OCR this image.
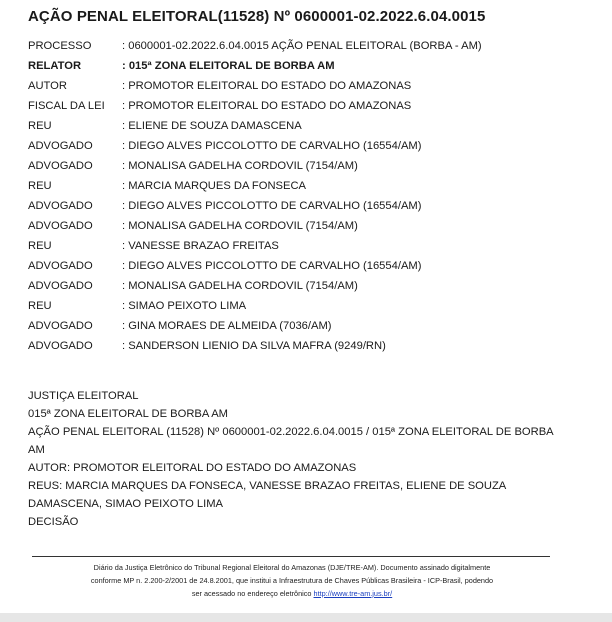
AÇÃO PENAL ELEITORAL(11528) Nº 0600001-02.2022.6.04.0015
PROCESSO	: 0600001-02.2022.6.04.0015 AÇÃO PENAL ELEITORAL (BORBA - AM)
RELATOR	: 015ª ZONA ELEITORAL DE BORBA AM
AUTOR	: PROMOTOR ELEITORAL DO ESTADO DO AMAZONAS
FISCAL DA LEI	: PROMOTOR ELEITORAL DO ESTADO DO AMAZONAS
REU	: ELIENE DE SOUZA DAMASCENA
ADVOGADO	: DIEGO ALVES PICCOLOTTO DE CARVALHO (16554/AM)
ADVOGADO	: MONALISA GADELHA CORDOVIL (7154/AM)
REU	: MARCIA MARQUES DA FONSECA
ADVOGADO	: DIEGO ALVES PICCOLOTTO DE CARVALHO (16554/AM)
ADVOGADO	: MONALISA GADELHA CORDOVIL (7154/AM)
REU	: VANESSE BRAZAO FREITAS
ADVOGADO	: DIEGO ALVES PICCOLOTTO DE CARVALHO (16554/AM)
ADVOGADO	: MONALISA GADELHA CORDOVIL (7154/AM)
REU	: SIMAO PEIXOTO LIMA
ADVOGADO	: GINA MORAES DE ALMEIDA (7036/AM)
ADVOGADO	: SANDERSON LIENIO DA SILVA MAFRA (9249/RN)
JUSTIÇA ELEITORAL
015ª ZONA ELEITORAL DE BORBA AM
AÇÃO PENAL ELEITORAL (11528) Nº 0600001-02.2022.6.04.0015 / 015ª ZONA ELEITORAL DE BORBA AM
AUTOR: PROMOTOR ELEITORAL DO ESTADO DO AMAZONAS
REUS: MARCIA MARQUES DA FONSECA, VANESSE BRAZAO FREITAS, ELIENE DE SOUZA DAMASCENA, SIMAO PEIXOTO LIMA
DECISÃO
Diário da Justiça Eletrônico do Tribunal Regional Eleitoral do Amazonas (DJE/TRE-AM). Documento assinado digitalmente
conforme MP n. 2.200-2/2001 de 24.8.2001, que institui a Infraestrutura de Chaves Públicas Brasileira - ICP-Brasil, podendo
ser acessado no endereço eletrônico http://www.tre-am.jus.br/
